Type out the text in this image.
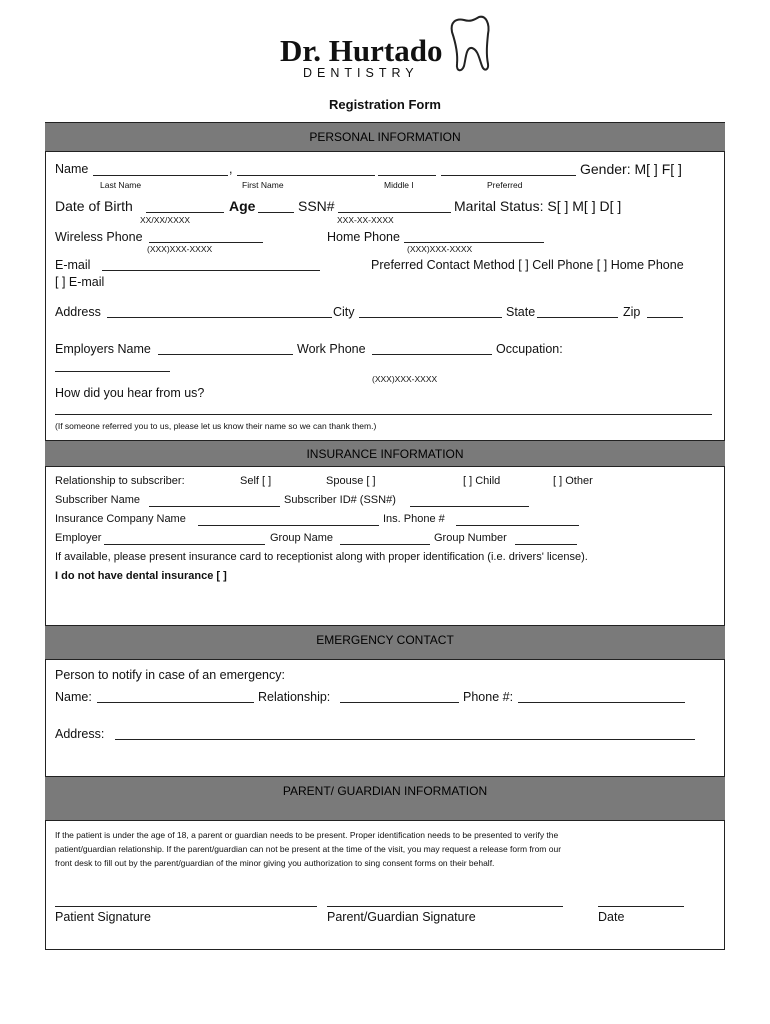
Dr. Hurtado
DENTISTRY
Registration Form
PERSONAL INFORMATION
INSURANCE INFORMATION
EMERGENCY CONTACT
PARENT/ GUARDIAN INFORMATION
Name	,	Gender: M[ ] F[ ]
Last Name	First Name	Middle I	Preferred
Date of Birth	Age	SSN#	Marital Status: S[ ] M[ ] D[ ]
XX/XX/XXXX	XXX-XX-XXXX
Wireless Phone	Home Phone
(XXX)XXX-XXXX	(XXX)XXX-XXXX
E-mail	Preferred Contact Method [ ] Cell Phone [ ] Home Phone
[ ] E-mail
Address	City	State	Zip
Employers Name	Work Phone	Occupation:
(XXX)XXX-XXXX
How did you hear from us?
(If someone referred you to us, please let us know their name so we can thank them.)
Relationship to subscriber:	Self [ ]	Spouse [ ]	[ ] Child	[ ] Other
Subscriber Name	Subscriber ID# (SSN#)
Insurance Company Name	Ins. Phone #
Employer	Group Name	Group Number
If available, please present insurance card to receptionist along with proper identification (i.e. drivers' license).
I do not have dental insurance [ ]
Person to notify in case of an emergency:
Name:	Relationship:	Phone #:
Address:
If the patient is under the age of 18, a parent or guardian needs to be present. Proper identification needs to be presented to verify the
patient/guardian relationship. If the parent/guardian can not be present at the time of the visit, you may request a release form from our
front desk to fill out by the parent/guardian of the minor giving you authorization to sing consent forms on their behalf.
Patient Signature	Parent/Guardian Signature	Date
